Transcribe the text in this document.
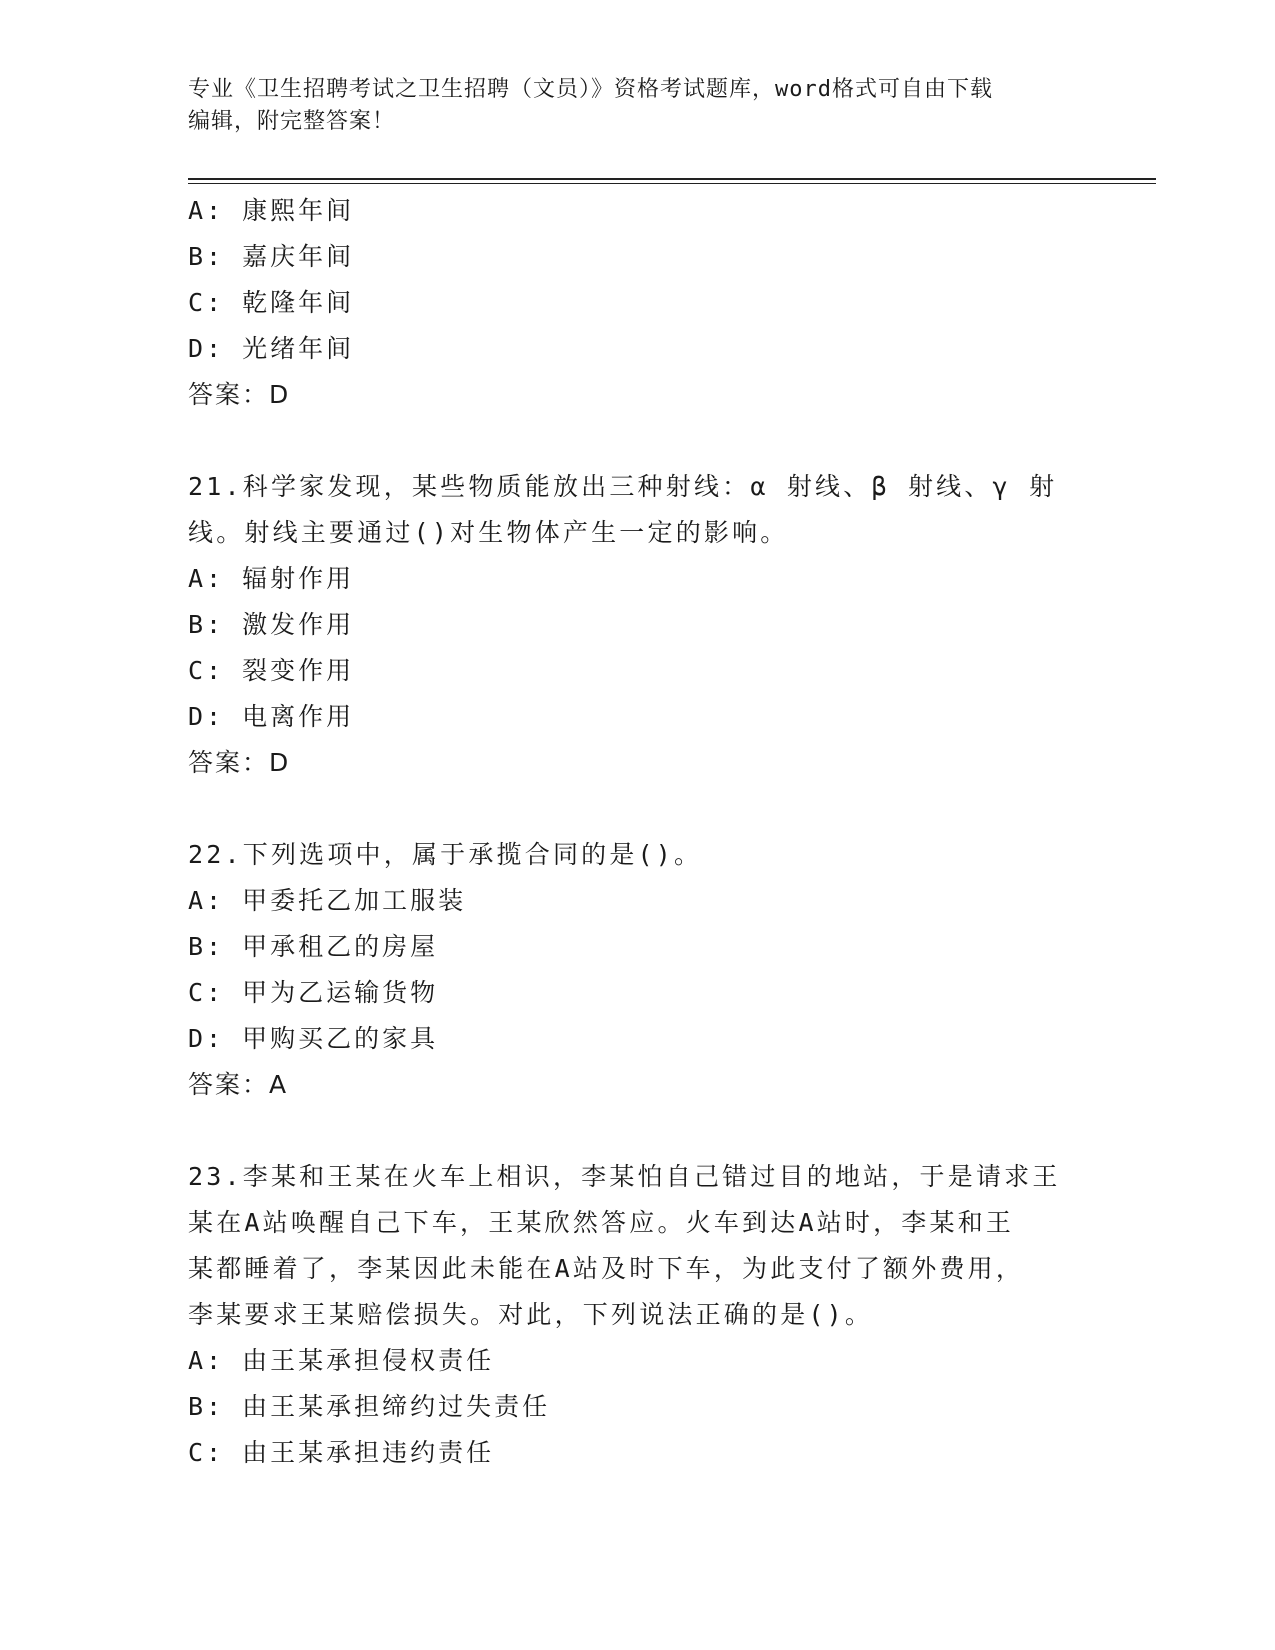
专业《卫生招聘考试之卫生招聘（文员）》资格考试题库，word格式可自由下载
编辑，附完整答案！
A: 康熙年间
B: 嘉庆年间
C: 乾隆年间
D: 光绪年间
答案：D
21.科学家发现，某些物质能放出三种射线：α 射线、β 射线、γ 射
线。射线主要通过()对生物体产生一定的影响。
A: 辐射作用
B: 激发作用
C: 裂变作用
D: 电离作用
答案：D
22.下列选项中，属于承揽合同的是()。
A: 甲委托乙加工服装
B: 甲承租乙的房屋
C: 甲为乙运输货物
D: 甲购买乙的家具
答案：A
23.李某和王某在火车上相识，李某怕自己错过目的地站，于是请求王
某在A站唤醒自己下车，王某欣然答应。火车到达A站时，李某和王
某都睡着了，李某因此未能在A站及时下车，为此支付了额外费用，
李某要求王某赔偿损失。对此，下列说法正确的是()。
A: 由王某承担侵权责任
B: 由王某承担缔约过失责任
C: 由王某承担违约责任
